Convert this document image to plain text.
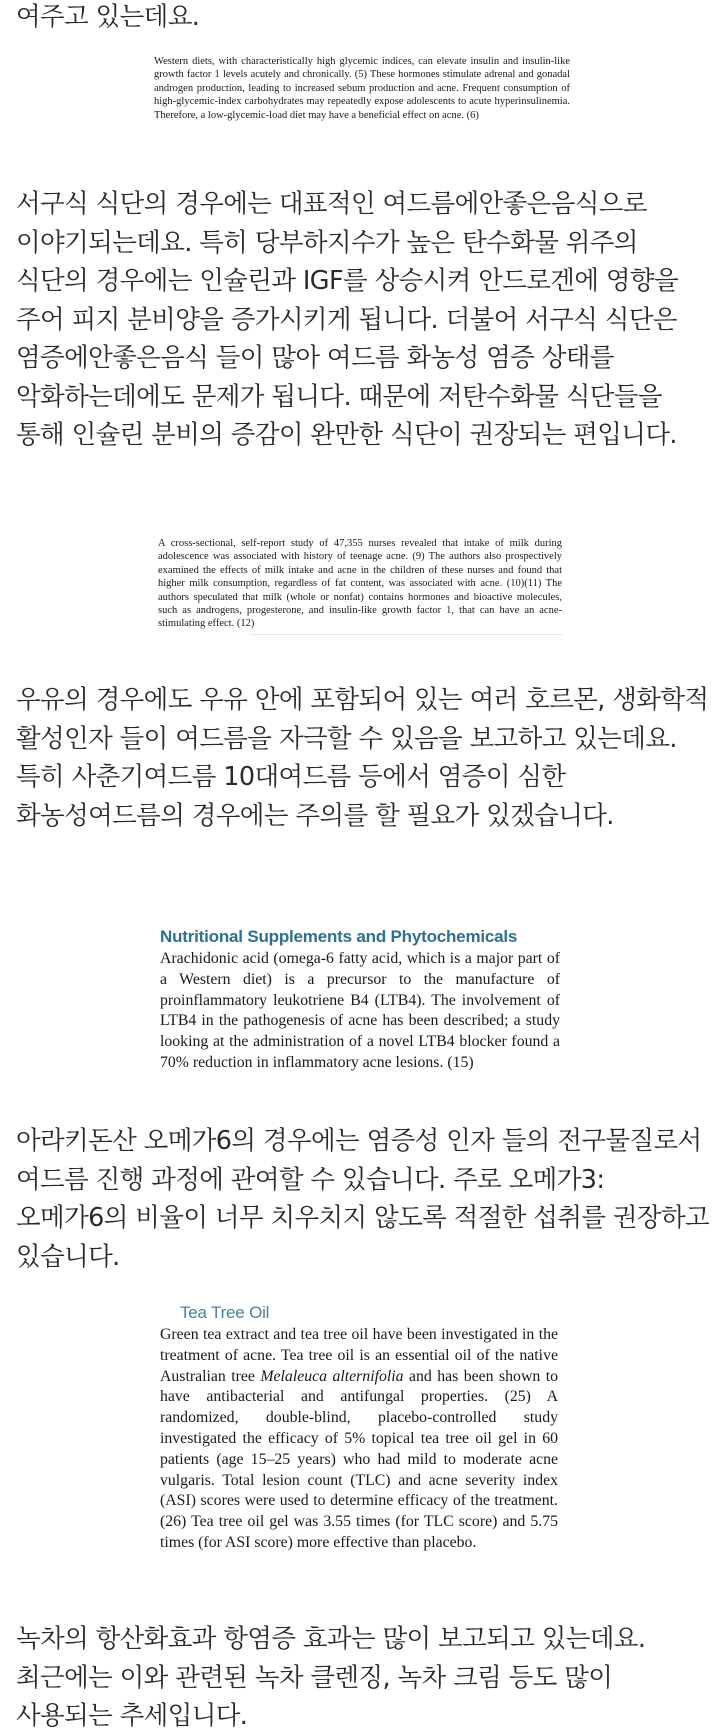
여주고 있는데요.

Western diets, with characteristically high glycemic indices, can elevate insulin and insulin-like growth factor 1 levels acutely and chronically. (5) These hormones stimulate adrenal and gonadal androgen production, leading to increased sebum production and acne. Frequent consumption of high-glycemic-index carbohydrates may repeatedly expose adolescents to acute hyperinsulinemia. Therefore, a low-glycemic-load diet may have a beneficial effect on acne. (6)

서구식 식단의 경우에는 대표적인 여드름에안좋은음식으로 이야기되는데요. 특히 당부하지수가 높은 탄수화물 위주의 식단의 경우에는 인슐린과 IGF를 상승시켜 안드로겐에 영향을 주어 피지 분비양을 증가시키게 됩니다. 더불어 서구식 식단은 염증에안좋은음식 들이 많아 여드름 화농성 염증 상태를 악화하는데에도 문제가 됩니다. 때문에 저탄수화물 식단들을 통해 인슐린 분비의 증감이 완만한 식단이 권장되는 편입니다.

A cross-sectional, self-report study of 47,355 nurses revealed that intake of milk during adolescence was associated with history of teenage acne. (9) The authors also prospectively examined the effects of milk intake and acne in the children of these nurses and found that higher milk consumption, regardless of fat content, was associated with acne. (10)(11) The authors speculated that milk (whole or nonfat) contains hormones and bioactive molecules, such as androgens, progesterone, and insulin-like growth factor 1, that can have an acne-stimulating effect. (12)

우유의 경우에도 우유 안에 포함되어 있는 여러 호르몬, 생화학적 활성인자 들이 여드름을 자극할 수 있음을 보고하고 있는데요. 특히 사춘기여드름 10대여드름 등에서 염증이 심한 화농성여드름의 경우에는 주의를 할 필요가 있겠습니다.

Nutritional Supplements and Phytochemicals

Arachidonic acid (omega-6 fatty acid, which is a major part of a Western diet) is a precursor to the manufacture of proinflammatory leukotriene B4 (LTB4). The involvement of LTB4 in the pathogenesis of acne has been described; a study looking at the administration of a novel LTB4 blocker found a 70% reduction in inflammatory acne lesions. (15)

아라키돈산 오메가6의 경우에는 염증성 인자 들의 전구물질로서 여드름 진행 과정에 관여할 수 있습니다. 주로 오메가3:오메가6의 비율이 너무 치우치지 않도록 적절한 섭취를 권장하고 있습니다.

Tea Tree Oil

Green tea extract and tea tree oil have been investigated in the treatment of acne. Tea tree oil is an essential oil of the native Australian tree Melaleuca alternifolia and has been shown to have antibacterial and antifungal properties. (25) A randomized, double-blind, placebo-controlled study investigated the efficacy of 5% topical tea tree oil gel in 60 patients (age 15–25 years) who had mild to moderate acne vulgaris. Total lesion count (TLC) and acne severity index (ASI) scores were used to determine efficacy of the treatment. (26) Tea tree oil gel was 3.55 times (for TLC score) and 5.75 times (for ASI score) more effective than placebo.

녹차의 항산화효과 항염증 효과는 많이 보고되고 있는데요. 최근에는 이와 관련된 녹차 클렌징, 녹차 크림 등도 많이 사용되는 추세입니다.
